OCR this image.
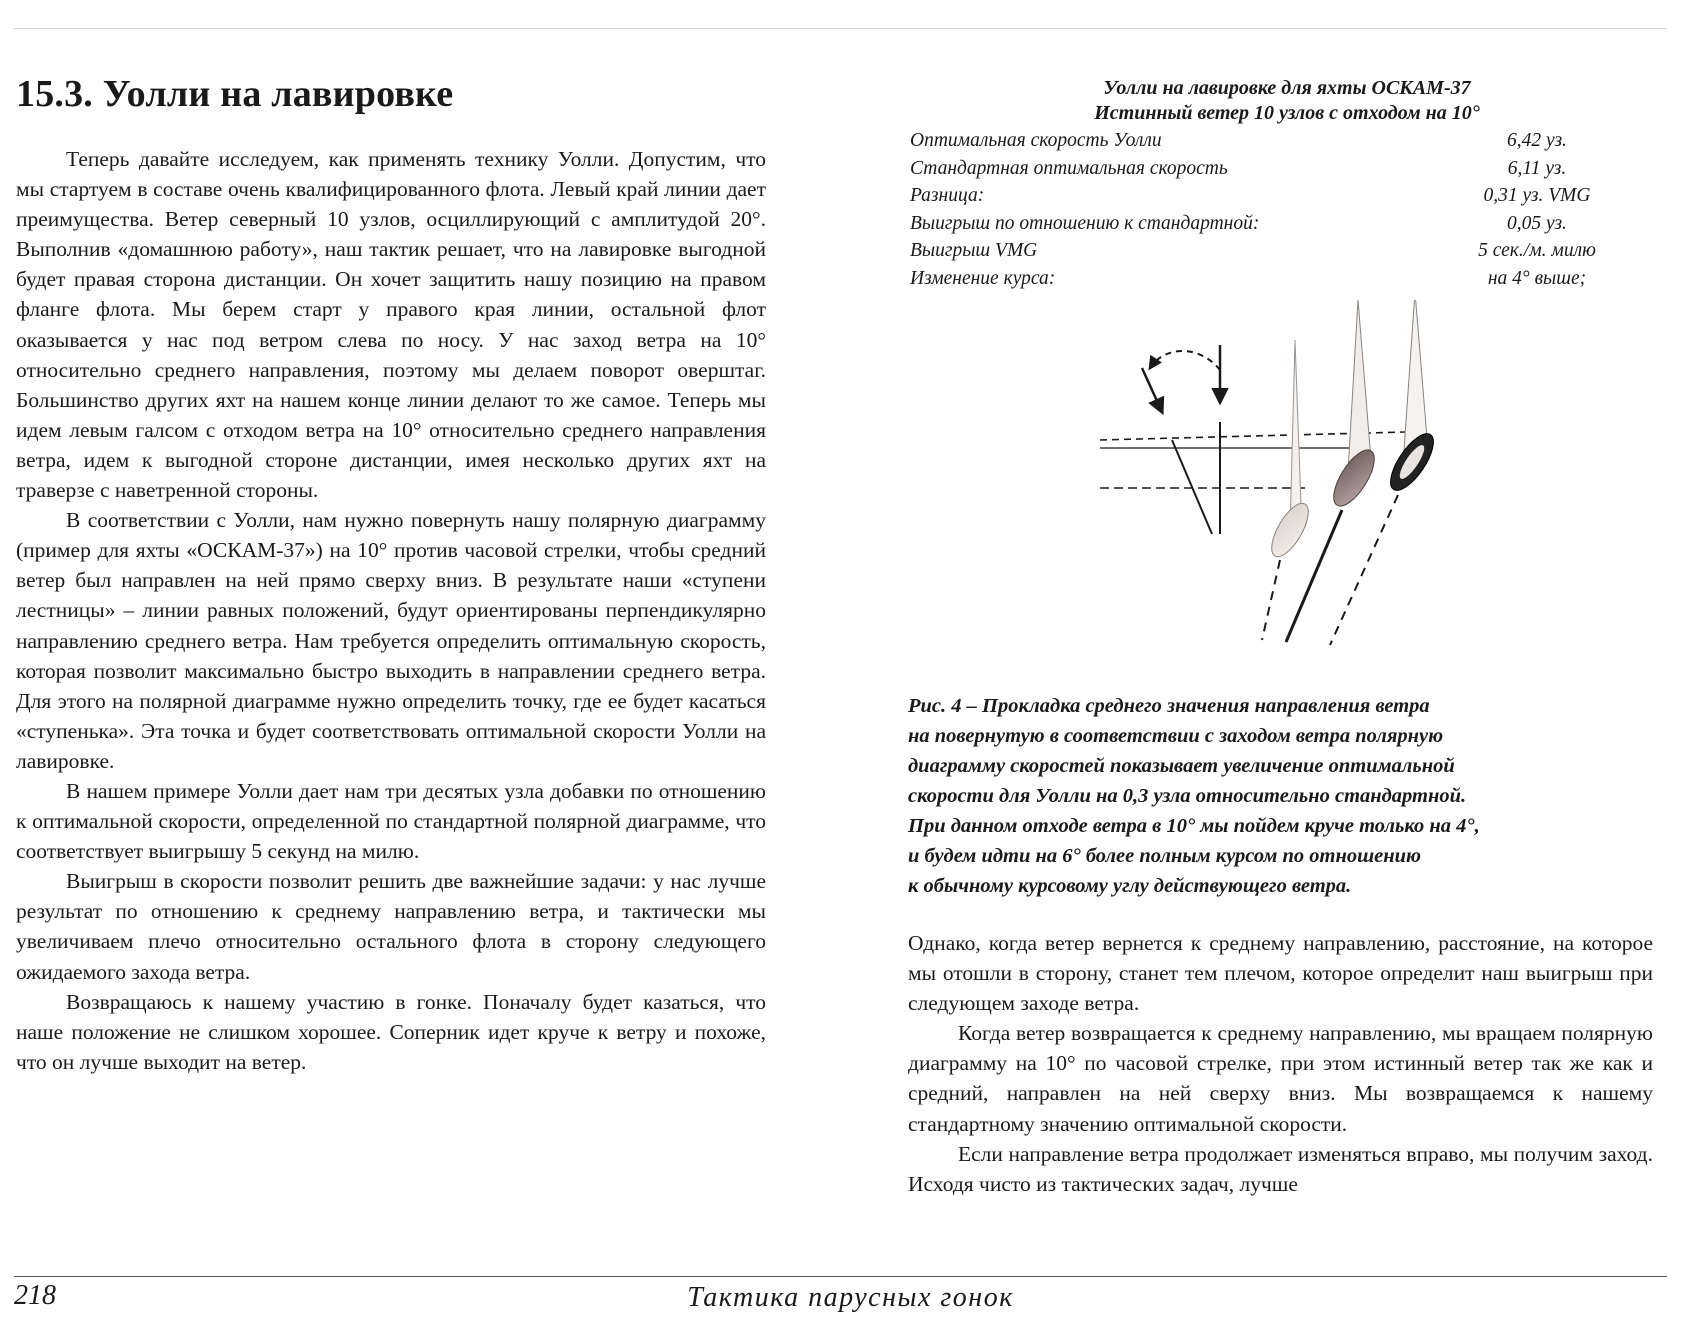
15.3. Уолли на лавировке

Теперь давайте исследуем, как применять технику Уолли. Допустим, что мы стартуем в составе очень квалифицированного флота. Левый край линии дает преимущества. Ветер северный 10 узлов, осциллирующий с амплитудой 20°. Выполнив «домашнюю работу», наш тактик решает, что на лавировке выгодной будет правая сторона дистанции. Он хочет защитить нашу позицию на правом фланге флота. Мы берем старт у правого края линии, остальной флот оказывается у нас под ветром слева по носу. У нас заход ветра на 10° относительно среднего направления, поэтому мы делаем поворот оверштаг. Большинство других яхт на нашем конце линии делают то же самое. Теперь мы идем левым галсом с отходом ветра на 10° относительно среднего направления ветра, идем к выгодной стороне дистанции, имея несколько других яхт на траверзе с наветренной стороны.

В соответствии с Уолли, нам нужно повернуть нашу полярную диаграмму (пример для яхты «ОСКАМ-37») на 10° против часовой стрелки, чтобы средний ветер был направлен на ней прямо сверху вниз. В результате наши «ступени лестницы» – линии равных положений, будут ориентированы перпендикулярно направлению среднего ветра. Нам требуется определить оптимальную скорость, которая позволит максимально быстро выходить в направлении среднего ветра. Для этого на полярной диаграмме нужно определить точку, где ее будет касаться «ступенька». Эта точка и будет соответствовать оптимальной скорости Уолли на лавировке.

В нашем примере Уолли дает нам три десятых узла добавки по отношению к оптимальной скорости, определенной по стандартной полярной диаграмме, что соответствует выигрышу 5 секунд на милю.

Выигрыш в скорости позволит решить две важнейшие задачи: у нас лучше результат по отношению к среднему направлению ветра, и тактически мы увеличиваем плечо относительно остального флота в сторону следующего ожидаемого захода ветра.

Возвращаюсь к нашему участию в гонке. Поначалу будет казаться, что наше положение не слишком хорошее. Соперник идет круче к ветру и похоже, что он лучше выходит на ветер.

Уолли на лавировке для яхты ОСКАМ-37
Истинный ветер 10 узлов с отходом на 10°
Оптимальная скорость Уолли	6,42 уз.
Стандартная оптимальная скорость	6,11 уз.
Разница:	0,31 уз. VMG
Выигрыш по отношению к стандартной:	0,05 уз.
Выигрыш VMG	5 сек./м. милю
Изменение курса:	на 4° выше;
Рис. 4 – Прокладка среднего значения направления ветра
на повернутую в соответствии с заходом ветра полярную
диаграмму скоростей показывает увеличение оптимальной
скорости для Уолли на 0,3 узла относительно стандартной.
При данном отходе ветра в 10° мы пойдем круче только на 4°,
и будем идти на 6° более полным курсом по отношению
к обычному курсовому углу действующего ветра.

Однако, когда ветер вернется к среднему направлению, расстояние, на которое мы отошли в сторону, станет тем плечом, которое определит наш выигрыш при следующем заходе ветра.

Когда ветер возвращается к среднему направлению, мы вращаем полярную диаграмму на 10° по часовой стрелке, при этом истинный ветер так же как и средний, направлен на ней сверху вниз. Мы возвращаемся к нашему стандартному значению оптимальной скорости.

Если направление ветра продолжает изменяться вправо, мы получим заход. Исходя чисто из тактических задач, лучше

218	Тактика парусных гонок
